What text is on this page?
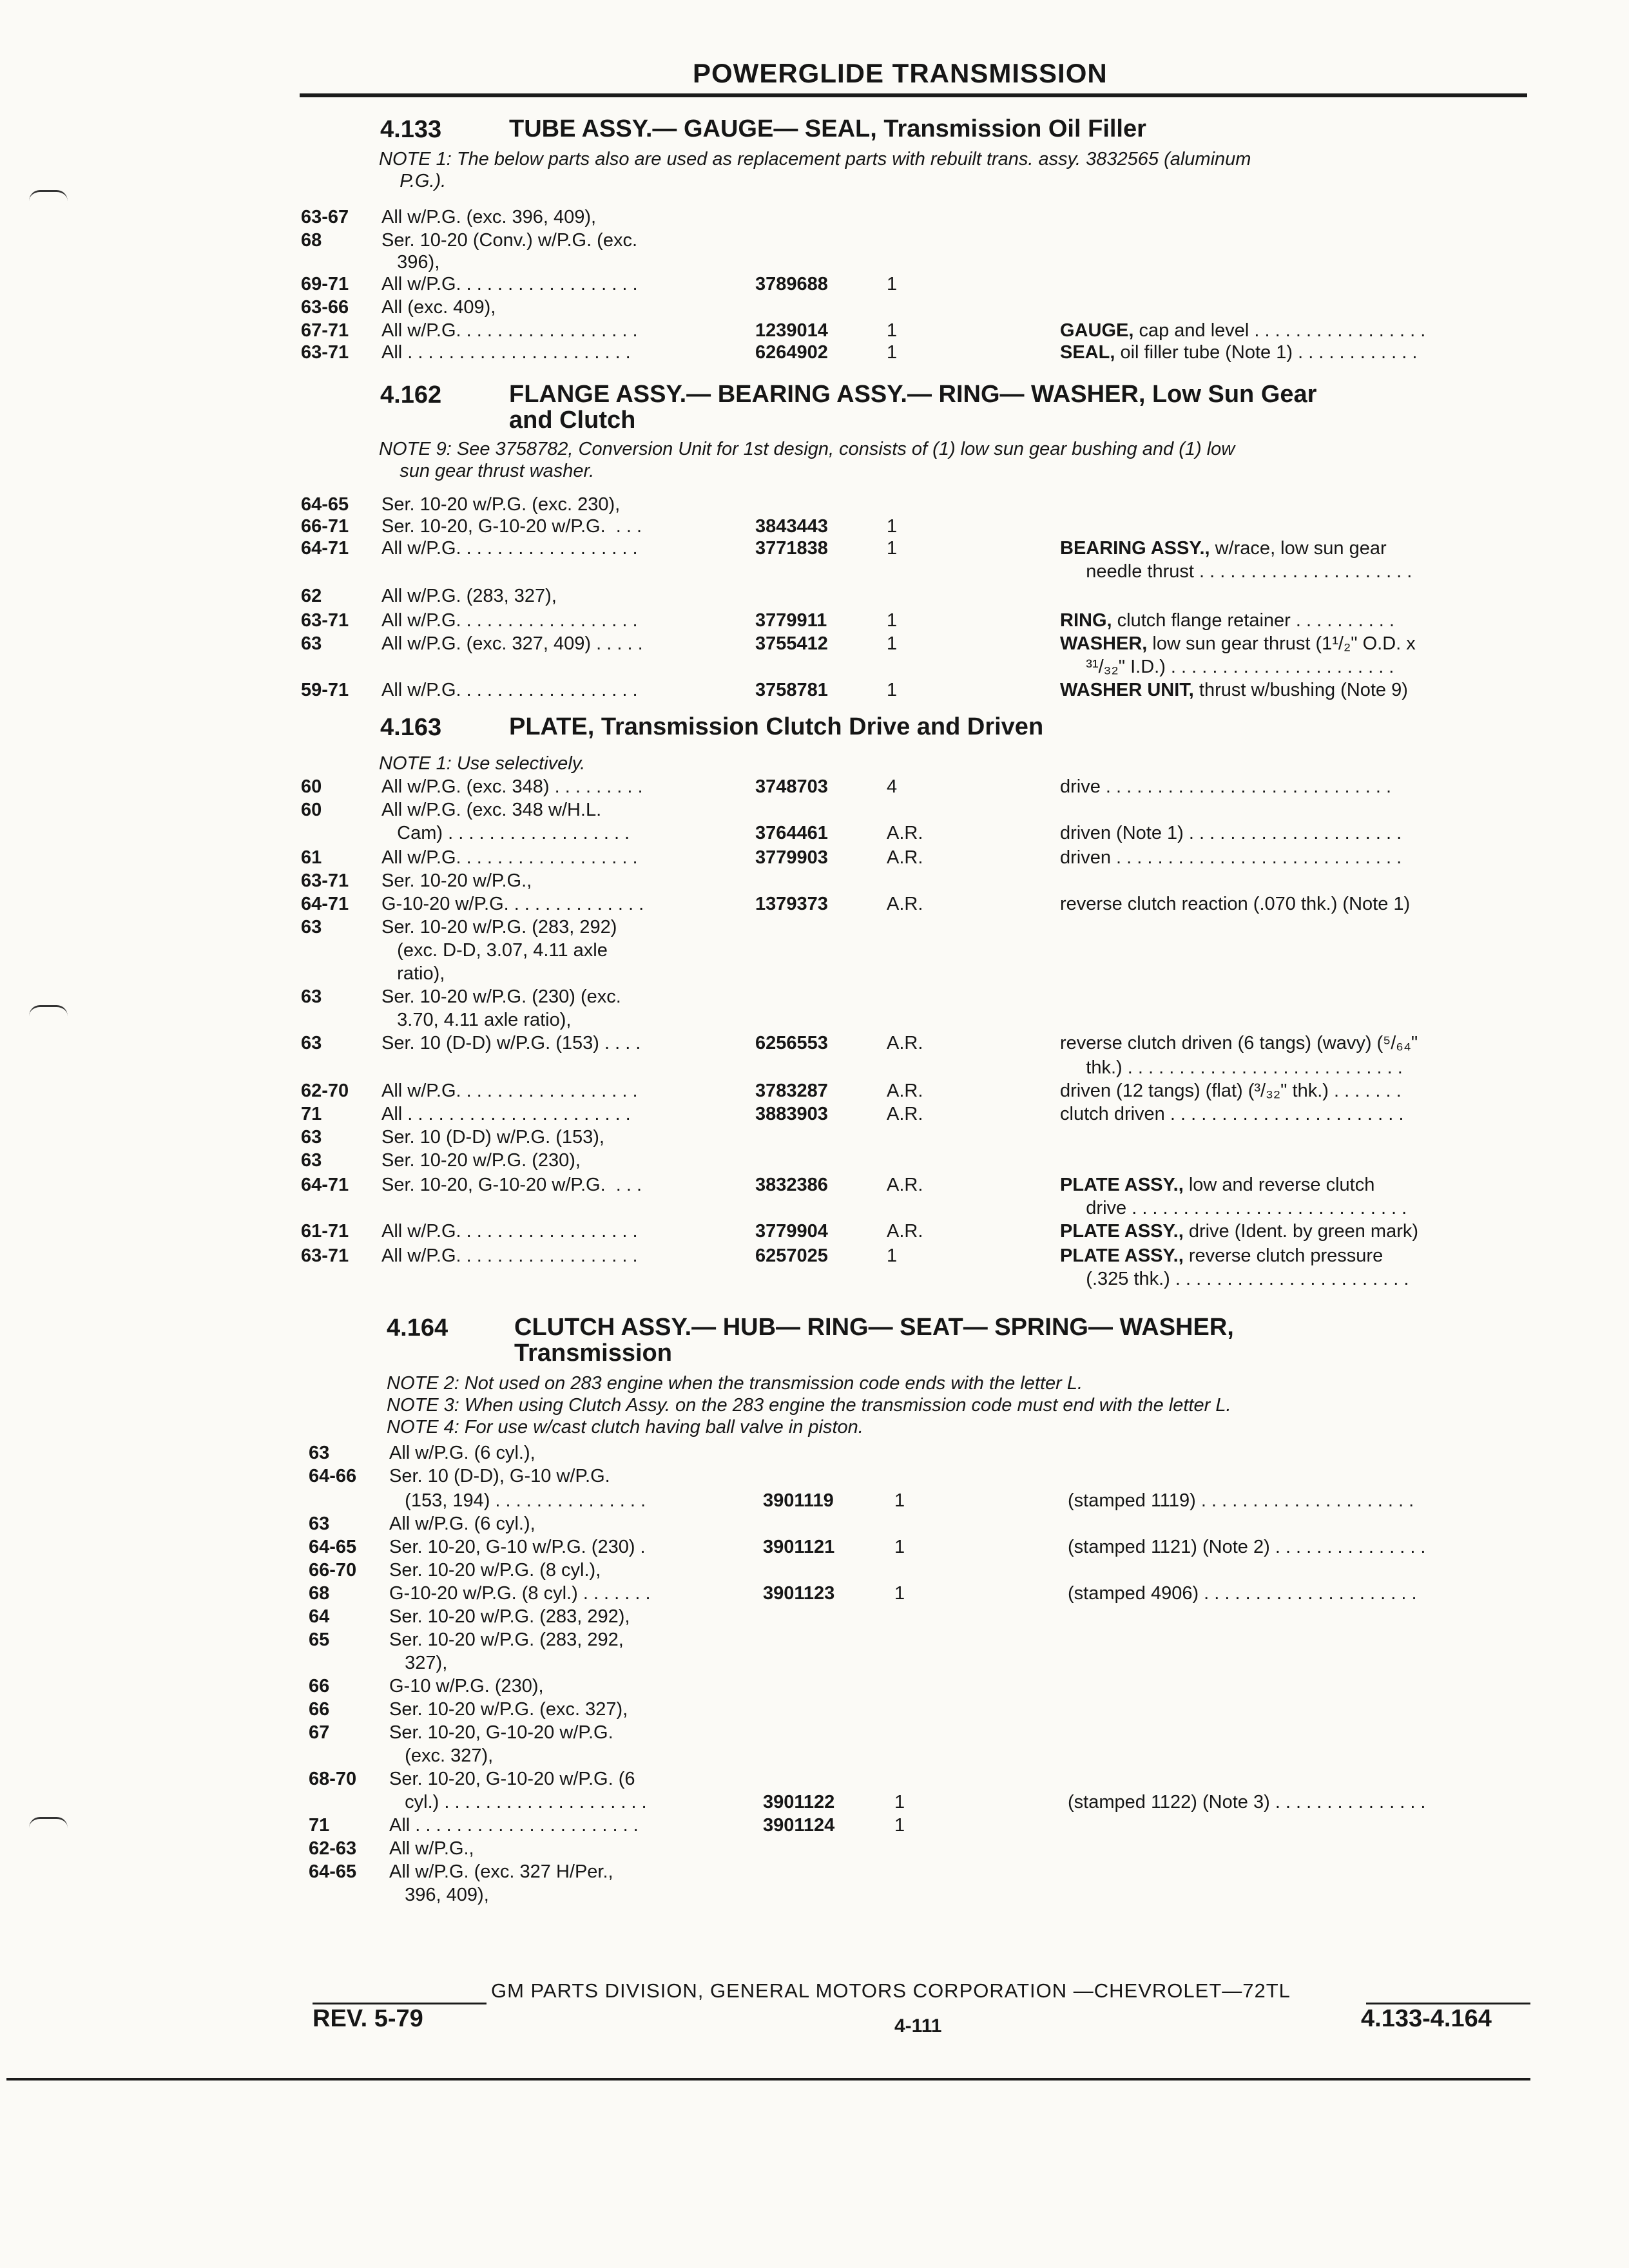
POWERGLIDE TRANSMISSION
4.133	TUBE ASSY.— GAUGE— SEAL, Transmission Oil Filler
NOTE 1: The below parts also are used as replacement parts with rebuilt trans. assy. 3832565 (aluminum
P.G.).
4.162	FLANGE ASSY.— BEARING ASSY.— RING— WASHER, Low Sun Gear
and Clutch
NOTE 9: See 3758782, Conversion Unit for 1st design, consists of (1) low sun gear bushing and (1) low
sun gear thrust washer.
4.163	PLATE, Transmission Clutch Drive and Driven
NOTE 1: Use selectively.
4.164	CLUTCH ASSY.— HUB— RING— SEAT— SPRING— WASHER,
Transmission
NOTE 2: Not used on 283 engine when the transmission code ends with the letter L.
NOTE 3: When using Clutch Assy. on the 283 engine the transmission code must end with the letter L.
NOTE 4: For use w/cast clutch having ball valve in piston.
63-67 All w/P.G. (exc. 396, 409),
68	Ser. 10-20 (Conv.) w/P.G. (exc.
396),
69-71 All w/P.G. . . . . . . . . . . . . . . . . .	3789688	1
63-66 All (exc. 409),
67-71 All w/P.G. . . . . . . . . . . . . . . . . .	1239014	1	GAUGE, cap and level . . . . . . . . . . . . . . . . .
63-71 All . . . . . . . . . . . . . . . . . . . . . .	6264902	1	SEAL, oil filler tube (Note 1) . . . . . . . . . . . .
64-65 Ser. 10-20 w/P.G. (exc. 230),
66-71 Ser. 10-20, G-10-20 w/P.G.  . . .	3843443	1
64-71 All w/P.G. . . . . . . . . . . . . . . . . .	3771838	1	BEARING ASSY., w/race, low sun gear
needle thrust . . . . . . . . . . . . . . . . . . . . .
62	All w/P.G. (283, 327),
63-71 All w/P.G. . . . . . . . . . . . . . . . . .	3779911	1	RING, clutch flange retainer . . . . . . . . . .
63	All w/P.G. (exc. 327, 409) . . . . .	3755412	1	WASHER, low sun gear thrust (1¹/₂" O.D. x
³¹/₃₂" I.D.) . . . . . . . . . . . . . . . . . . . . . .
59-71 All w/P.G. . . . . . . . . . . . . . . . . .	3758781	1	WASHER UNIT, thrust w/bushing (Note 9)
60	All w/P.G. (exc. 348) . . . . . . . . .	3748703	4	drive . . . . . . . . . . . . . . . . . . . . . . . . . . . .
60	All w/P.G. (exc. 348 w/H.L.
Cam) . . . . . . . . . . . . . . . . . .	3764461	A.R.	driven (Note 1) . . . . . . . . . . . . . . . . . . . . .
61	All w/P.G. . . . . . . . . . . . . . . . . .	3779903	A.R.	driven . . . . . . . . . . . . . . . . . . . . . . . . . . . .
63-71 Ser. 10-20 w/P.G.,
64-71 G-10-20 w/P.G. . . . . . . . . . . . . .	1379373	A.R.	reverse clutch reaction (.070 thk.) (Note 1)
63	Ser. 10-20 w/P.G. (283, 292)
(exc. D-D, 3.07, 4.11 axle
ratio),
63	Ser. 10-20 w/P.G. (230) (exc.
3.70, 4.11 axle ratio),
63	Ser. 10 (D-D) w/P.G. (153) . . . .	6256553	A.R.	reverse clutch driven (6 tangs) (wavy) (⁵/₆₄"
thk.) . . . . . . . . . . . . . . . . . . . . . . . . . . .
62-70 All w/P.G. . . . . . . . . . . . . . . . . .	3783287	A.R.	driven (12 tangs) (flat) (³/₃₂" thk.) . . . . . . .
71	All . . . . . . . . . . . . . . . . . . . . . .	3883903	A.R.	clutch driven . . . . . . . . . . . . . . . . . . . . . . .
63	Ser. 10 (D-D) w/P.G. (153),
63	Ser. 10-20 w/P.G. (230),
64-71 Ser. 10-20, G-10-20 w/P.G.  . . .	3832386	A.R.	PLATE ASSY., low and reverse clutch
drive . . . . . . . . . . . . . . . . . . . . . . . . . . .
61-71 All w/P.G. . . . . . . . . . . . . . . . . .	3779904	A.R.	PLATE ASSY., drive (Ident. by green mark)
63-71 All w/P.G. . . . . . . . . . . . . . . . . .	6257025	1	PLATE ASSY., reverse clutch pressure
(.325 thk.) . . . . . . . . . . . . . . . . . . . . . . .
63	All w/P.G. (6 cyl.),
64-66 Ser. 10 (D-D), G-10 w/P.G.
(153, 194) . . . . . . . . . . . . . . .	3901119	1	(stamped 1119) . . . . . . . . . . . . . . . . . . . . .
63	All w/P.G. (6 cyl.),
64-65 Ser. 10-20, G-10 w/P.G. (230) .	3901121	1	(stamped 1121) (Note 2) . . . . . . . . . . . . . . .
66-70 Ser. 10-20 w/P.G. (8 cyl.),
68	G-10-20 w/P.G. (8 cyl.) . . . . . . .	3901123	1	(stamped 4906) . . . . . . . . . . . . . . . . . . . . .
64	Ser. 10-20 w/P.G. (283, 292),
65	Ser. 10-20 w/P.G. (283, 292,
327),
66	G-10 w/P.G. (230),
66	Ser. 10-20 w/P.G. (exc. 327),
67	Ser. 10-20, G-10-20 w/P.G.
(exc. 327),
68-70 Ser. 10-20, G-10-20 w/P.G. (6
cyl.) . . . . . . . . . . . . . . . . . . . .	3901122	1	(stamped 1122) (Note 3) . . . . . . . . . . . . . . .
71	All . . . . . . . . . . . . . . . . . . . . . .	3901124	1
62-63 All w/P.G.,
64-65 All w/P.G. (exc. 327 H/Per.,
396, 409),
GM PARTS DIVISION, GENERAL MOTORS CORPORATION —CHEVROLET—72TL
REV. 5-79	4-111	4.133-4.164
